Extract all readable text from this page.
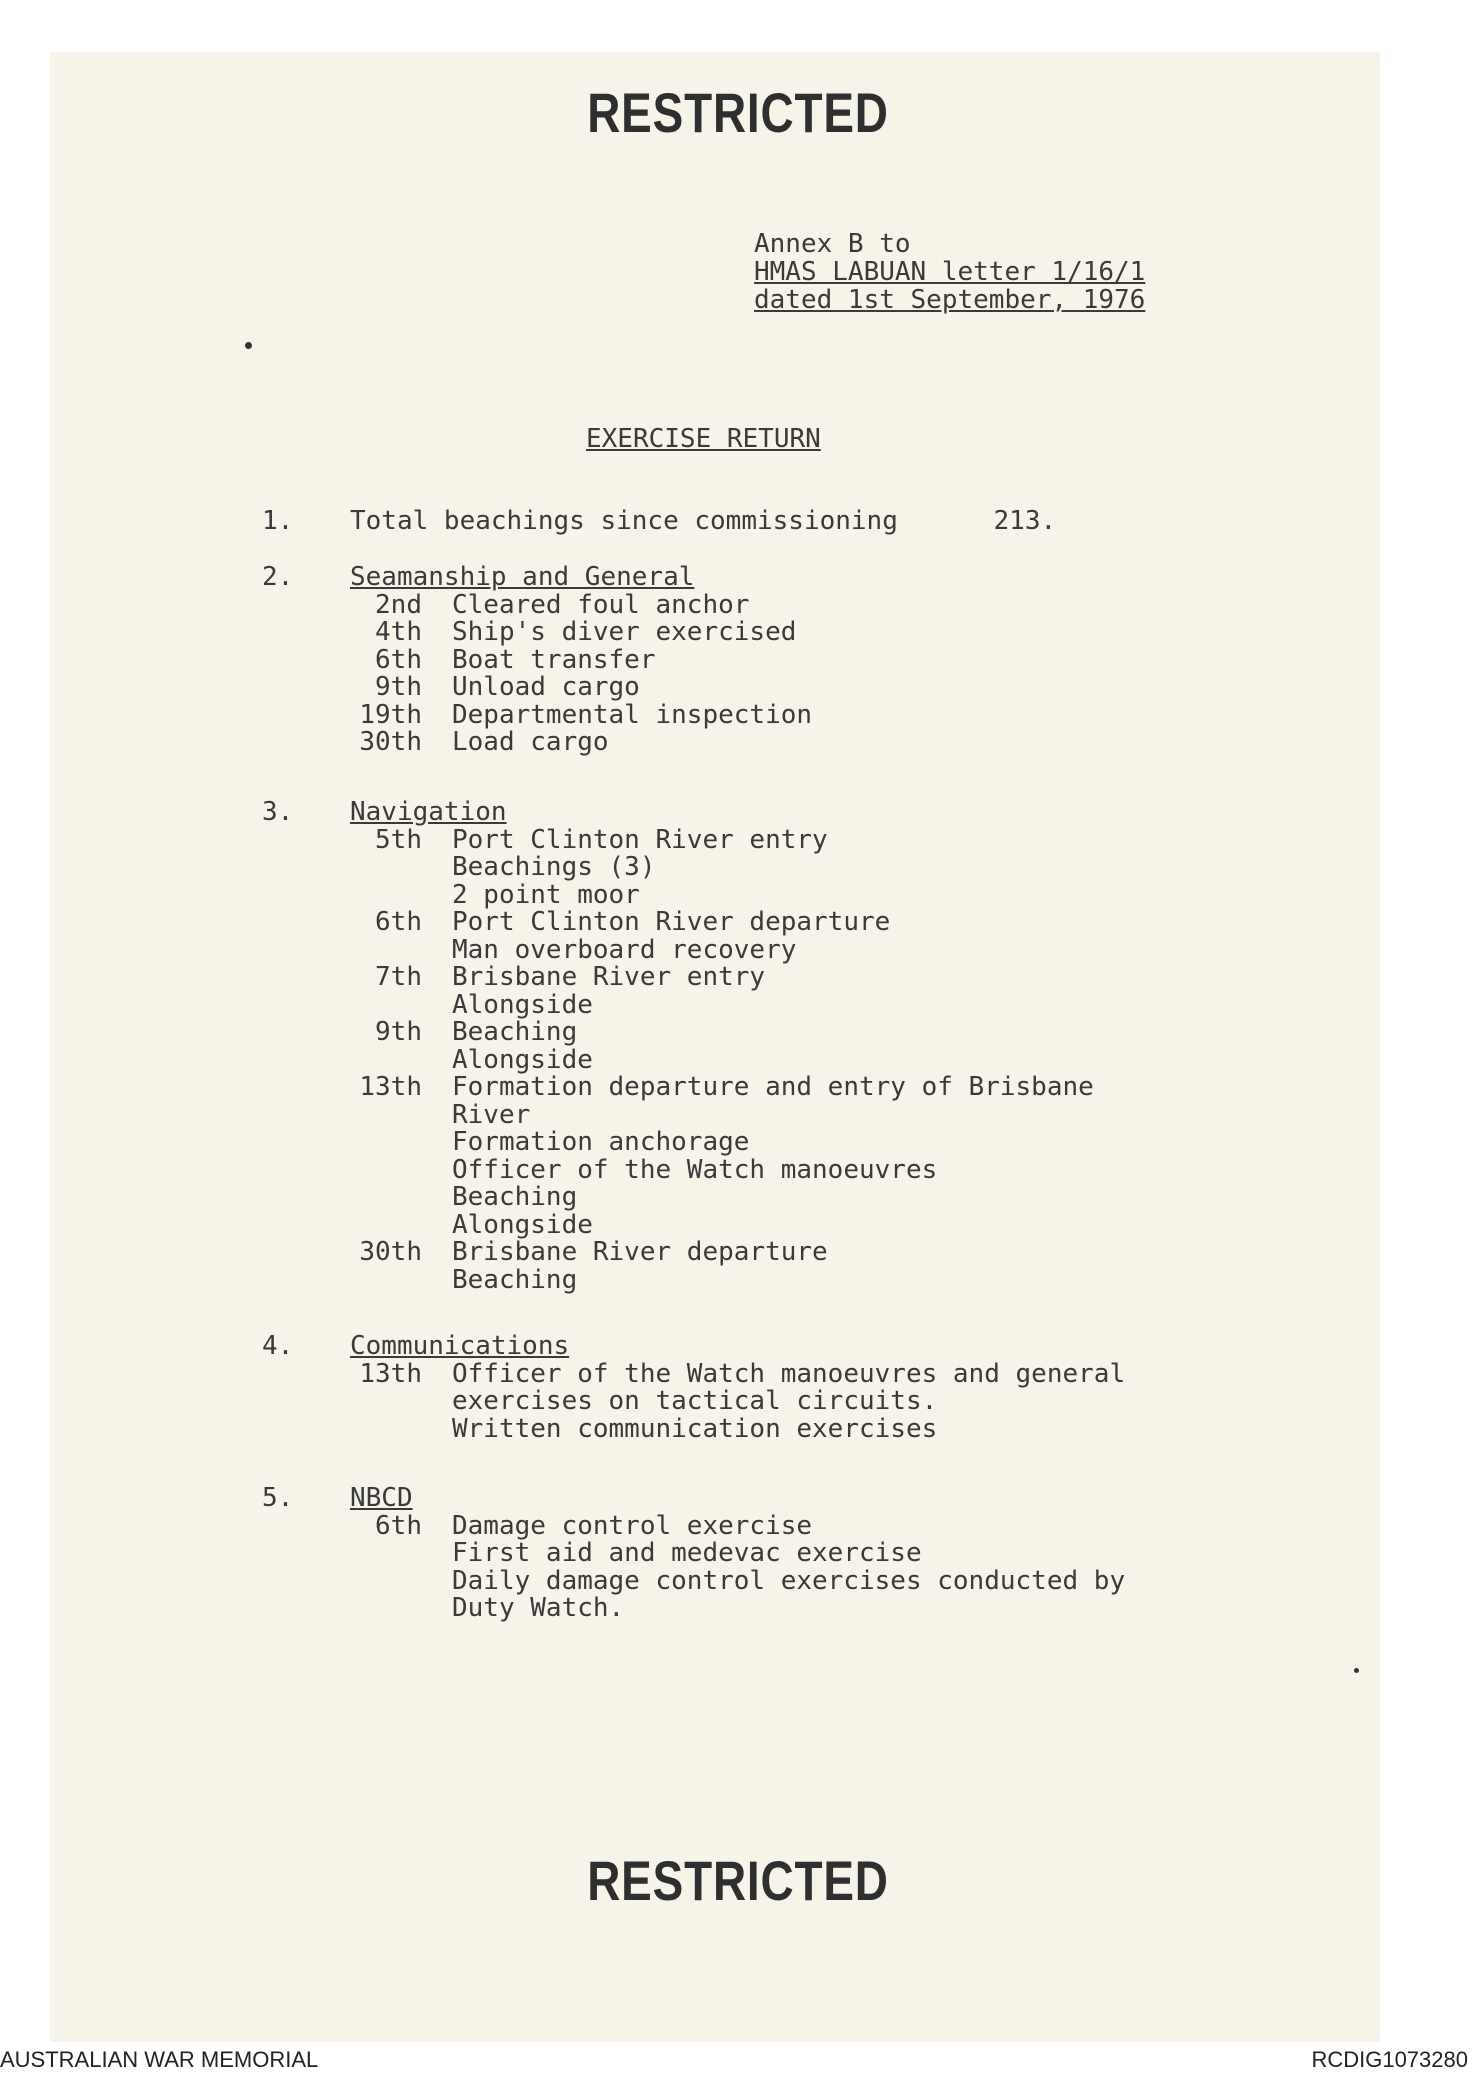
RESTRICTED
Annex B to
HMAS LABUAN letter 1/16/1
dated 1st September, 1976
EXERCISE RETURN
1.	Total beachings since commissioning	213.
2.	Seamanship and General
2nd Cleared foul anchor
4th Ship's diver exercised
6th Boat transfer
9th Unload cargo
19th Departmental inspection
30th Load cargo
3.	Navigation
5th Port Clinton River entry
Beachings (3)
2 point moor
6th Port Clinton River departure
Man overboard recovery
7th Brisbane River entry
Alongside
9th Beaching
Alongside
13th Formation departure and entry of Brisbane
River
Formation anchorage
Officer of the Watch manoeuvres
Beaching
Alongside
30th Brisbane River departure
Beaching
4.	Communications
13th Officer of the Watch manoeuvres and general
exercises on tactical circuits.
Written communication exercises
5.	NBCD
6th Damage control exercise
First aid and medevac exercise
Daily damage control exercises conducted by
Duty Watch.
RESTRICTED
AUSTRALIAN WAR MEMORIAL	RCDIG1073280
